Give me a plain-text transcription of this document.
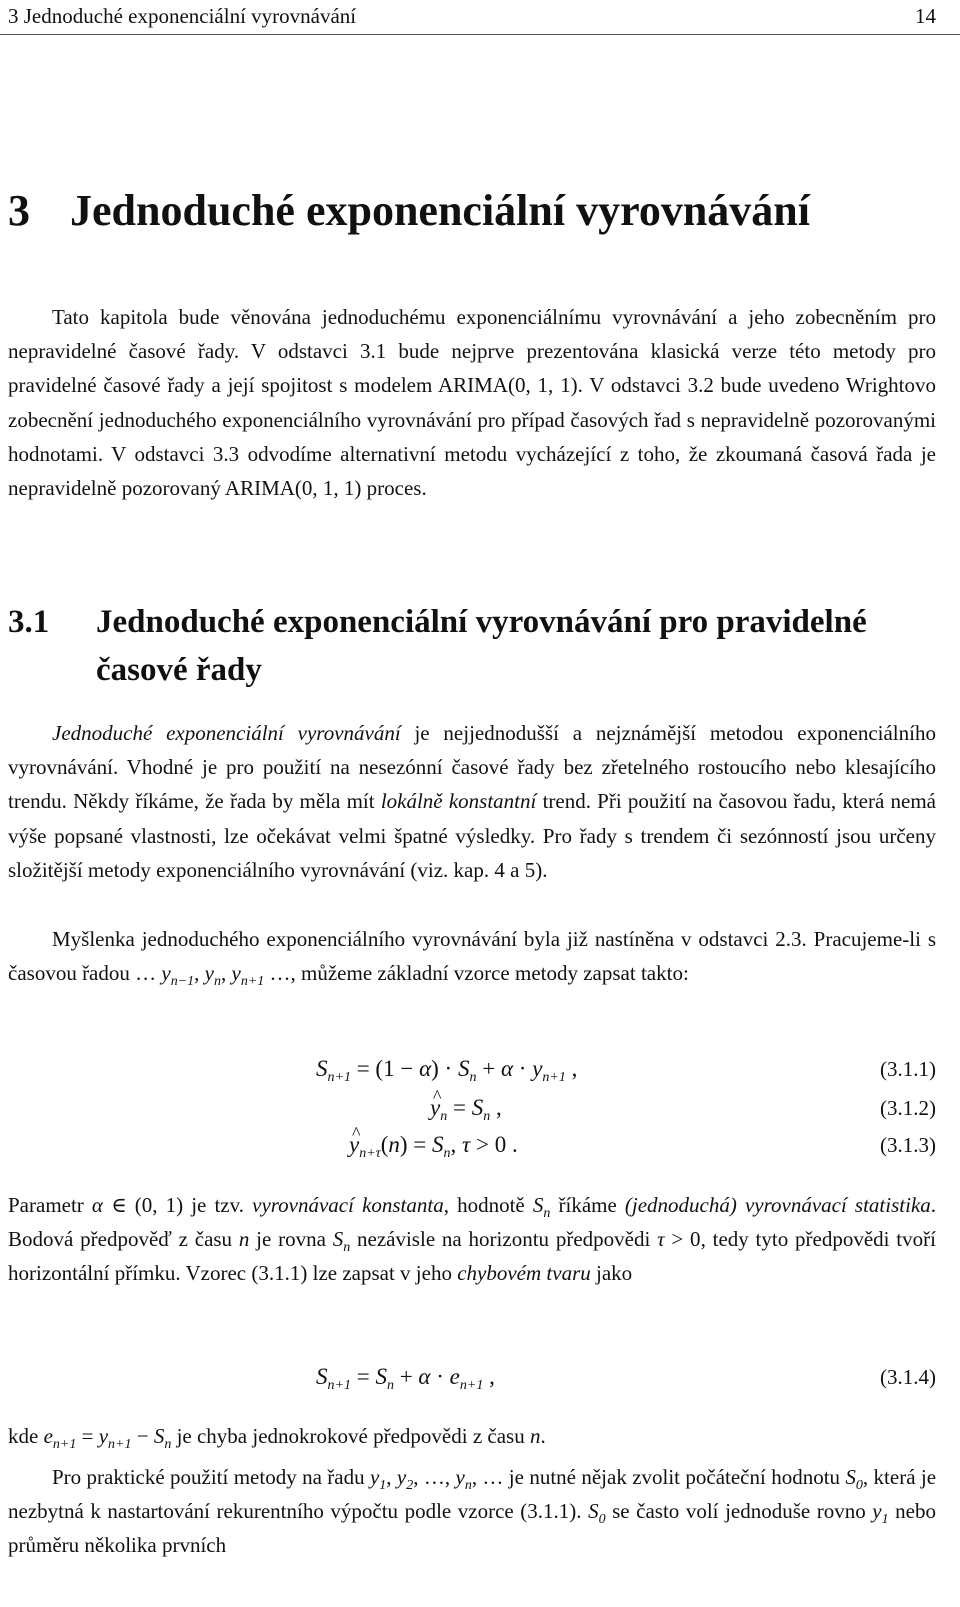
3 Jednoduché exponenciální vyrovnávání	14
3 Jednoduché exponenciální vyrovnávání
Tato kapitola bude věnována jednoduchému exponenciálnímu vyrovnávání a jeho zobecněním pro nepravidelné časové řady. V odstavci 3.1 bude nejprve prezentována klasická verze této metody pro pravidelné časové řady a její spojitost s modelem ARIMA(0, 1, 1). V odstavci 3.2 bude uvedeno Wrightovo zobecnění jednoduchého exponenciálního vyrovnávání pro případ časových řad s nepravidelně pozorovanými hodnotami. V odstavci 3.3 odvodíme alternativní metodu vycházející z toho, že zkoumaná časová řada je nepravidelně pozorovaný ARIMA(0, 1, 1) proces.
3.1 Jednoduché exponenciální vyrovnávání pro pravidelné časové řady
Jednoduché exponenciální vyrovnávání je nejjednodušší a nejznámější metodou exponenciálního vyrovnávání. Vhodné je pro použití na nesezónní časové řady bez zřetelného rostoucího nebo klesajícího trendu. Někdy říkáme, že řada by měla mít lokálně konstantní trend. Při použití na časovou řadu, která nemá výše popsané vlastnosti, lze očekávat velmi špatné výsledky. Pro řady s trendem či sezónností jsou určeny složitější metody exponenciálního vyrovnávání (viz. kap. 4 a 5).
Myšlenka jednoduchého exponenciálního vyrovnávání byla již nastíněna v odstavci 2.3. Pracujeme-li s časovou řadou … $y_{n-1}$, $y_n$, $y_{n+1}$ …, můžeme základní vzorce metody zapsat takto:
$S_{n+1} = (1 - \alpha) \cdot S_n + \alpha \cdot y_{n+1}$ ,	(3.1.1)
^ $y_n = S_n$ ,	(3.1.2)
^ $y_{n+\tau}(n) = S_n$, τ > 0 .	(3.1.3)
Parametr α ∈ (0, 1) je tzv. vyrovnávací konstanta, hodnotě $S_n$ říkáme (jednoduchá) vyrovnávací statistika. Bodová předpověď z času n je rovna $S_n$ nezávisle na horizontu předpovědi τ > 0, tedy tyto předpovědi tvoří horizontální přímku. Vzorec (3.1.1) lze zapsat v jeho chybovém tvaru jako
$S_{n+1} = S_n + \alpha \cdot e_{n+1}$ ,	(3.1.4)
kde $e_{n+1} = y_{n+1} - S_n$ je chyba jednokrokové předpovědi z času n.
Pro praktické použití metody na řadu $y_1$, $y_2$, …, $y_n$, … je nutné nějak zvolit počáteční hodnotu $S_0$, která je nezbytná k nastartování rekurentního výpočtu podle vzorce (3.1.1). $S_0$ se často volí jednoduše rovno $y_1$ nebo průměru několika prvních
